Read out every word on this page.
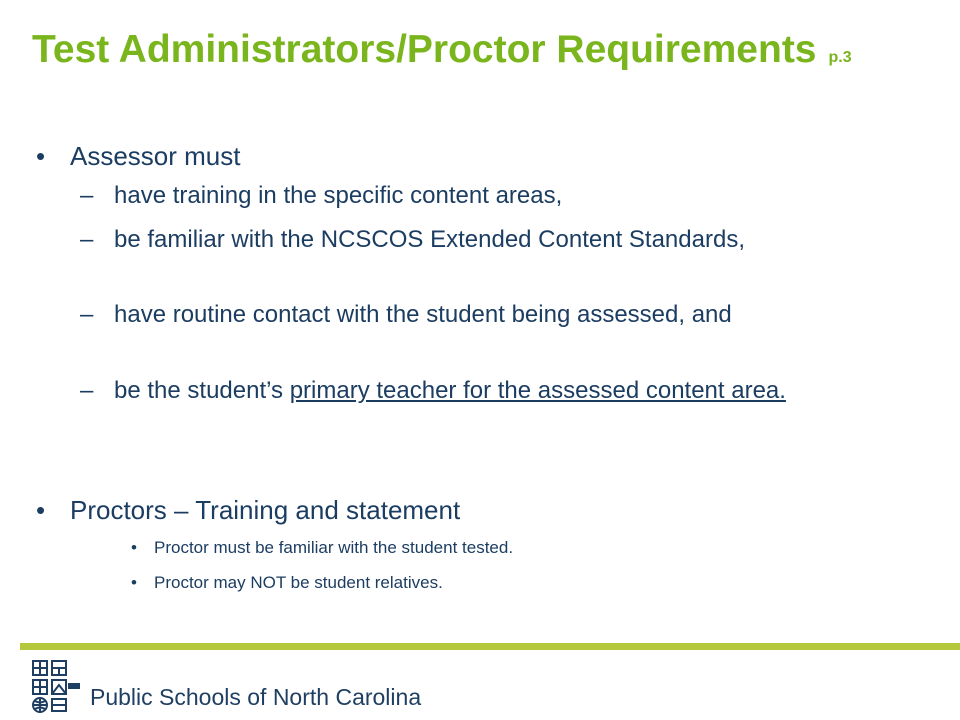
Test Administrators/Proctor Requirements p.3
• Assessor must
– have training in the specific content areas,
– be familiar with the NCSCOS Extended Content Standards,
– have routine contact with the student being assessed, and
– be the student’s primary teacher for the assessed content area.
• Proctors – Training and statement
• Proctor must be familiar with the student tested.
• Proctor may NOT be student relatives.
Public Schools of North Carolina
